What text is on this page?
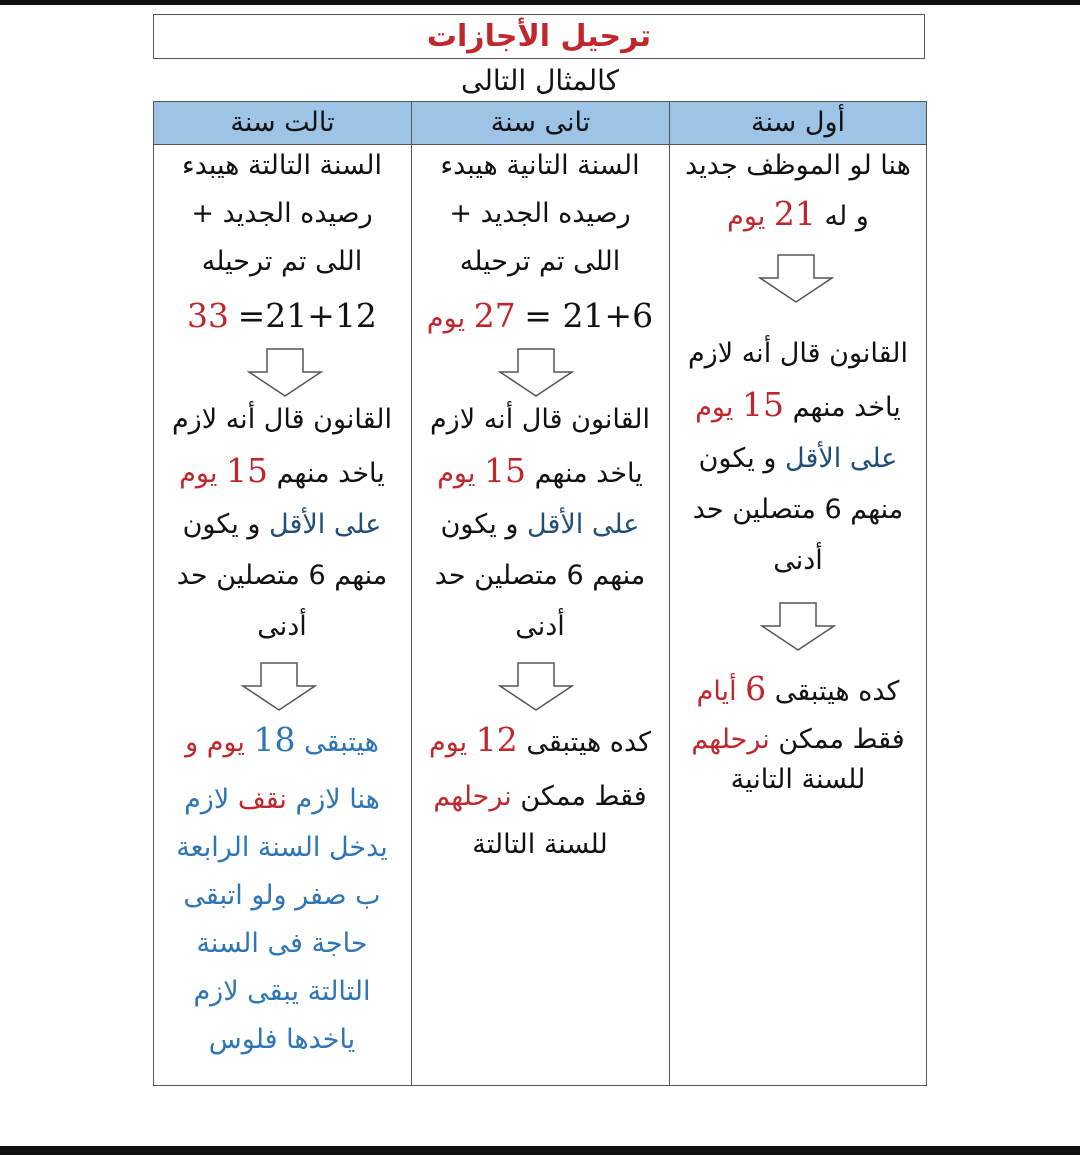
ترحيل الأجازات
كالمثال التالى
تالت سنة	تانى سنة	أول سنة
هنا لو الموظف جديد
و له 21 يوم
القانون قال أنه لازم
ياخد منهم 15 يوم
على الأقل و يكون
منهم 6 متصلين حد
أدنى
كده هيتبقى 6 أيام
فقط ممكن نرحلهم
للسنة التانية
السنة التانية هيبدء
رصيده الجديد +
اللى تم ترحيله
21+6 = 27 يوم
القانون قال أنه لازم
ياخد منهم 15 يوم
على الأقل و يكون
منهم 6 متصلين حد
أدنى
كده هيتبقى 12 يوم
فقط ممكن نرحلهم
للسنة التالتة
السنة التالتة هيبدء
رصيده الجديد +
اللى تم ترحيله
21+12= 33
القانون قال أنه لازم
ياخد منهم 15 يوم
على الأقل و يكون
منهم 6 متصلين حد
أدنى
هيتبقى 18 يوم و
هنا لازم نقف لازم
يدخل السنة الرابعة
ب صفر ولو اتبقى
حاجة فى السنة
التالتة يبقى لازم
ياخدها فلوس
